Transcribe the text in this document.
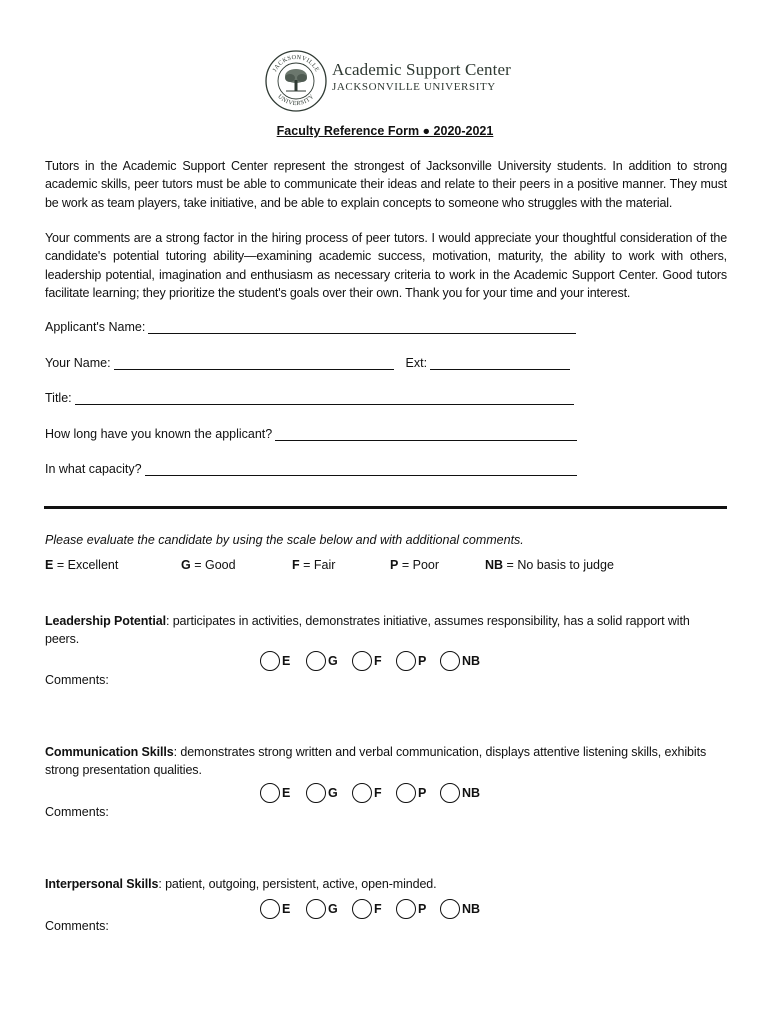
JACKSONVILLE
UNIVERSITY
Academic Support Center
JACKSONVILLE UNIVERSITY
Faculty Reference Form ● 2020-2021
Tutors in the Academic Support Center represent the strongest of Jacksonville University students. In addition to strong academic skills, peer tutors must be able to communicate their ideas and relate to their peers in a positive manner. They must be work as team players, take initiative, and be able to explain concepts to someone who struggles with the material.
Your comments are a strong factor in the hiring process of peer tutors. I would appreciate your thoughtful consideration of the candidate's potential tutoring ability—examining academic success, motivation, maturity, the ability to work with others, leadership potential, imagination and enthusiasm as necessary criteria to work in the Academic Support Center. Good tutors facilitate learning; they prioritize the student's goals over their own. Thank you for your time and your interest.
Applicant's Name:
Your Name:	Ext:
Title:
How long have you known the applicant?
In what capacity?
Please evaluate the candidate by using the scale below and with additional comments.
E = Excellent	G = Good	F = Fair	P = Poor	NB = No basis to judge
Leadership Potential: participates in activities, demonstrates initiative, assumes responsibility, has a solid rapport with peers.
E	G	F	P	NB
Comments:
Communication Skills: demonstrates strong written and verbal communication, displays attentive listening skills, exhibits strong presentation qualities.
E	G	F	P	NB
Comments:
Interpersonal Skills: patient, outgoing, persistent, active, open-minded.
E	G	F	P	NB
Comments:
